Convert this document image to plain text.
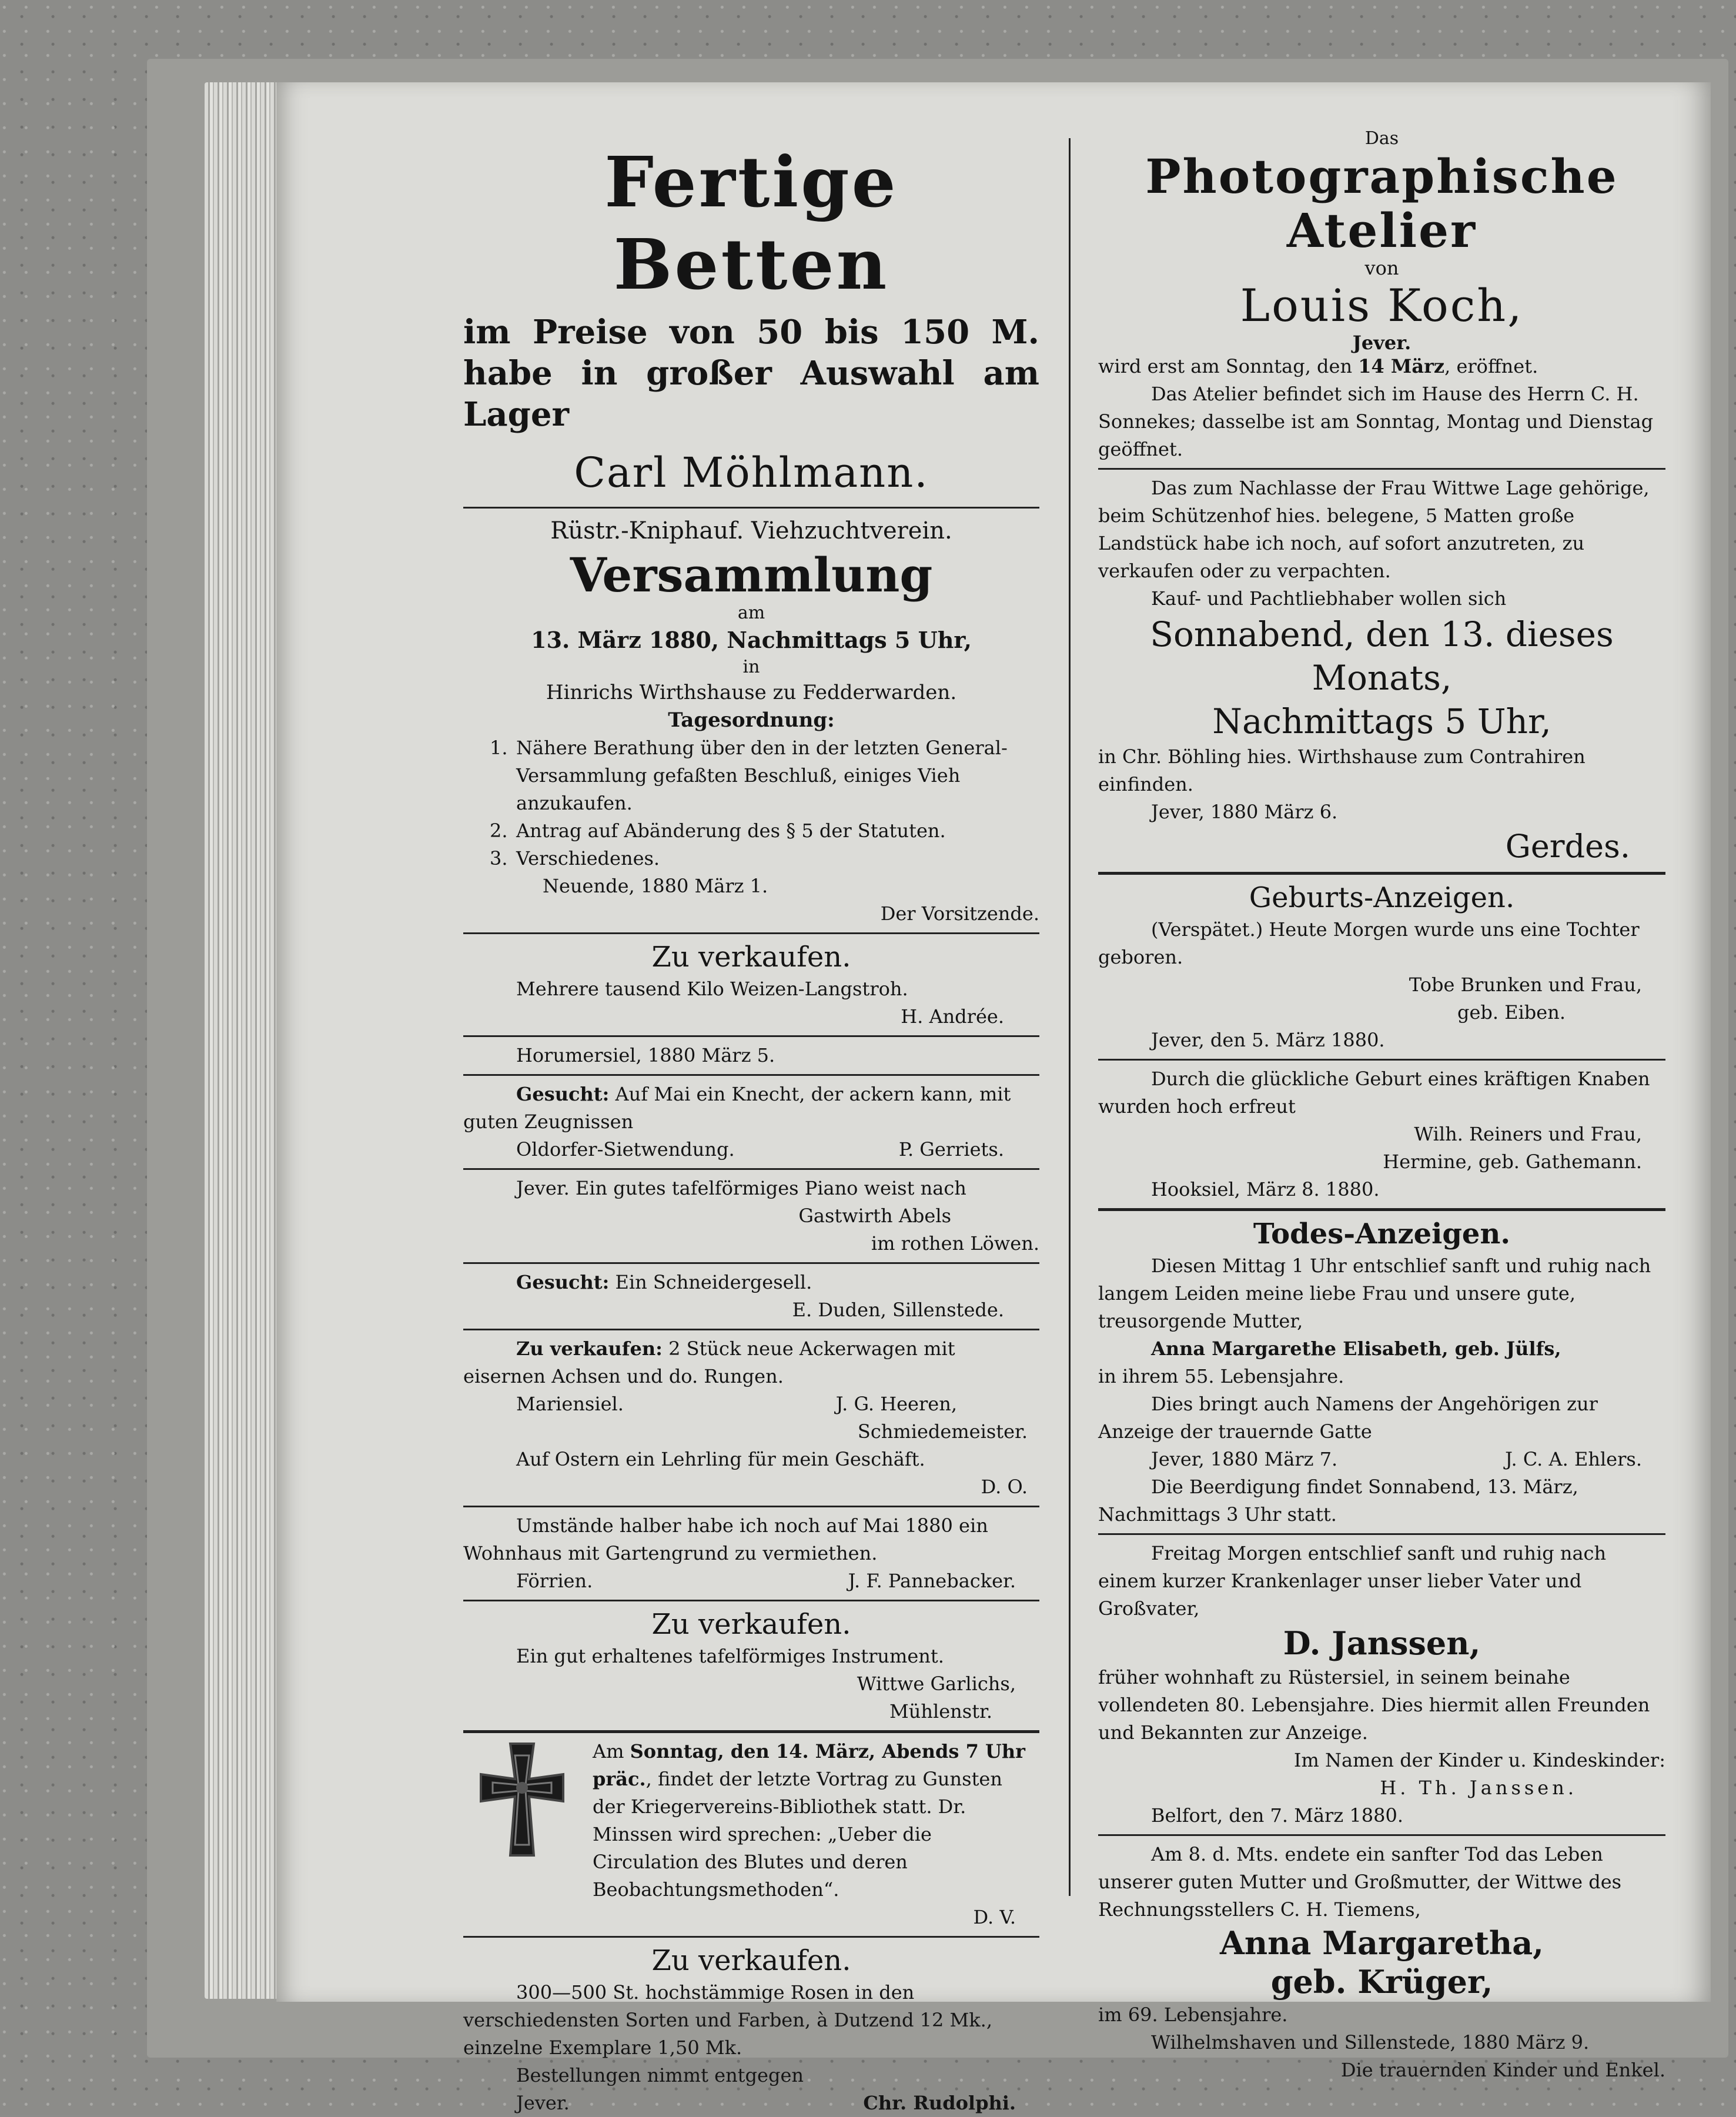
Fertige Betten
im Preise von 50 bis 150 M.
habe in großer Auswahl am
Lager
Carl Möhlmann.
Rüstr.-Kniphauf. Viehzuchtverein.
Versammlung
am
13. März 1880, Nachmittags 5 Uhr,
in
Hinrichs Wirthshause zu Fedderwarden.
Tagesordnung:

1. Nähere Berathung über den in der letzten General-Versammlung gefaßten Beschluß, einiges Vieh anzukaufen.

2. Antrag auf Abänderung des § 5 der Statuten.

3. Verschiedenes.

Neuende, 1880 März 1.

Der Vorsitzende.

Zu verkaufen.

Mehrere tausend Kilo Weizen-Langstroh.

H. Andrée.

Horumersiel, 1880 März 5.

Gesucht: Auf Mai ein Knecht, der ackern kann, mit guten Zeugnissen

Oldorfer-Sietwendung.	P. Gerriets.

Jever. Ein gutes tafelförmiges Piano weist nach

Gastwirth Abels

im rothen Löwen.

Gesucht: Ein Schneidergesell.

E. Duden, Sillenstede.

Zu verkaufen: 2 Stück neue Ackerwagen mit eisernen Achsen und do. Rungen.

Mariensiel.	J. G. Heeren,

Schmiedemeister.

Auf Ostern ein Lehrling für mein Geschäft.

D. O.

Umstände halber habe ich noch auf Mai 1880 ein Wohnhaus mit Gartengrund zu vermiethen.

Förrien.	J. F. Pannebacker.
Zu verkaufen.

Ein gut erhaltenes tafelförmiges Instrument.

Wittwe Garlichs,

Mühlenstr.

Am Sonntag, den 14. März, Abends 7 Uhr präc., findet der letzte Vortrag zu Gunsten der Kriegervereins-Bibliothek statt. Dr. Minssen wird sprechen: „Ueber die Circulation des Blutes und deren Beobachtungsmethoden“.

D. V.

Zu verkaufen.

300—500 St. hochstämmige Rosen in den verschiedensten Sorten und Farben, à Dutzend 12 Mk., einzelne Exemplare 1,50 Mk.

Bestellungen nimmt entgegen

Jever.	Chr. Rudolphi.
Das
Photographische Atelier
von
Louis Koch,
Jever.

wird erst am Sonntag, den 14 März, eröffnet.

Das Atelier befindet sich im Hause des Herrn C. H. Sonnekes; dasselbe ist am Sonntag, Montag und Dienstag geöffnet.

Das zum Nachlasse der Frau Wittwe Lage gehörige, beim Schützenhof hies. belegene, 5 Matten große Landstück habe ich noch, auf sofort anzutreten, zu verkaufen oder zu verpachten.

Kauf- und Pachtliebhaber wollen sich

Sonnabend, den 13. dieses Monats,
Nachmittags 5 Uhr,

in Chr. Böhling hies. Wirthshause zum Contrahiren einfinden.

Jever, 1880 März 6.

Gerdes.
Geburts-Anzeigen.

(Verspätet.) Heute Morgen wurde uns eine Tochter geboren.

Tobe Brunken und Frau,

geb. Eiben.

Jever, den 5. März 1880.

Durch die glückliche Geburt eines kräftigen Knaben wurden hoch erfreut

Wilh. Reiners und Frau,

Hermine, geb. Gathemann.

Hooksiel, März 8. 1880.

Todes-Anzeigen.

Diesen Mittag 1 Uhr entschlief sanft und ruhig nach langem Leiden meine liebe Frau und unsere gute, treusorgende Mutter,

Anna Margarethe Elisabeth, geb. Jülfs,

in ihrem 55. Lebensjahre.

Dies bringt auch Namens der Angehörigen zur Anzeige der trauernde Gatte

Jever, 1880 März 7.	J. C. A. Ehlers.

Die Beerdigung findet Sonnabend, 13. März, Nachmittags 3 Uhr statt.

Freitag Morgen entschlief sanft und ruhig nach einem kurzer Krankenlager unser lieber Vater und Großvater,

D. Janssen,

früher wohnhaft zu Rüstersiel, in seinem beinahe vollendeten 80. Lebensjahre. Dies hiermit allen Freunden und Bekannten zur Anzeige.

Im Namen der Kinder u. Kindeskinder:

H. Th. Janssen.

Belfort, den 7. März 1880.

Am 8. d. Mts. endete ein sanfter Tod das Leben unserer guten Mutter und Großmutter, der Wittwe des Rechnungsstellers C. H. Tiemens,

Anna Margaretha,
geb. Krüger,

im 69. Lebensjahre.

Wilhelmshaven und Sillenstede, 1880 März 9.

Die trauernden Kinder und Enkel.
